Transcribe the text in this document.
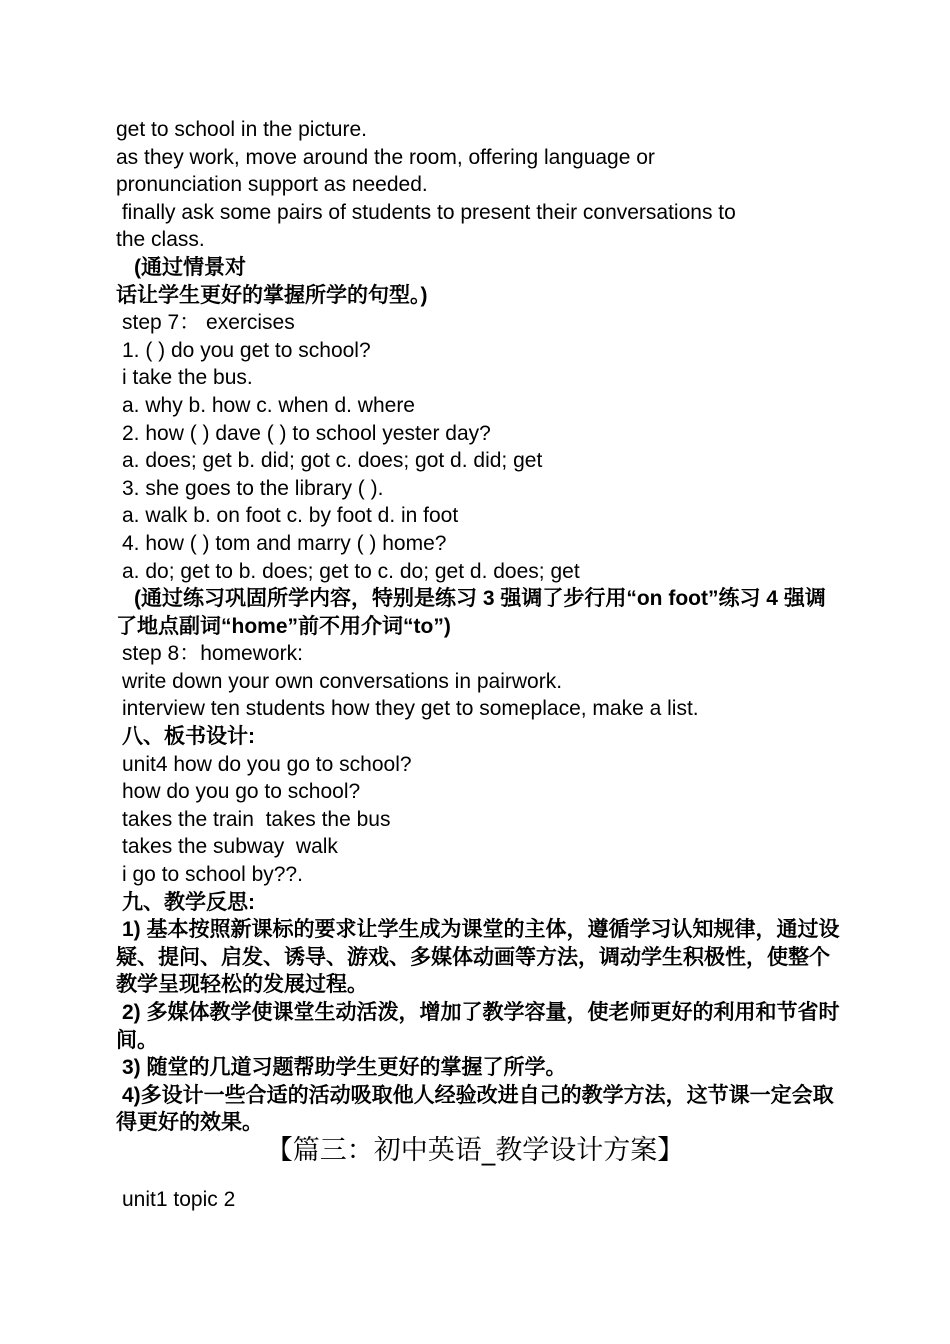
get to school in the picture.
as they work, move around the room, offering language or
pronunciation support as needed.
finally ask some pairs of students to present their conversations to
the class.
(通过情景对
话让学生更好的掌握所学的句型。)
step 7： exercises
1. ( ) do you get to school?
i take the bus.
a. why b. how c. when d. where
2. how ( ) dave ( ) to school yester day?
a. does; get b. did; got c. does; got d. did; get
3. she goes to the library ( ).
a. walk b. on foot c. by foot d. in foot
4. how ( ) tom and marry ( ) home?
a. do; get to b. does; get to c. do; get d. does; get
(通过练习巩固所学内容，特别是练习 3 强调了步行用“on foot”练习 4 强调了地点副词“home”前不用介词“to”)
step 8：homework:
write down your own conversations in pairwork.
interview ten students how they get to someplace, make a list.
八、板书设计:
unit4 how do you go to school?
how do you go to school?
takes the train  takes the bus
takes the subway  walk
i go to school by??.
九、教学反思:
1) 基本按照新课标的要求让学生成为课堂的主体，遵循学习认知规律，通过设疑、提问、启发、诱导、游戏、多媒体动画等方法，调动学生积极性，使整个教学呈现轻松的发展过程。
2) 多媒体教学使课堂生动活泼，增加了教学容量，使老师更好的利用和节省时间。
3) 随堂的几道习题帮助学生更好的掌握了所学。
4)多设计一些合适的活动吸取他人经验改进自己的教学方法，这节课一定会取得更好的效果。
【篇三：初中英语_教学设计方案】
unit1 topic 2
